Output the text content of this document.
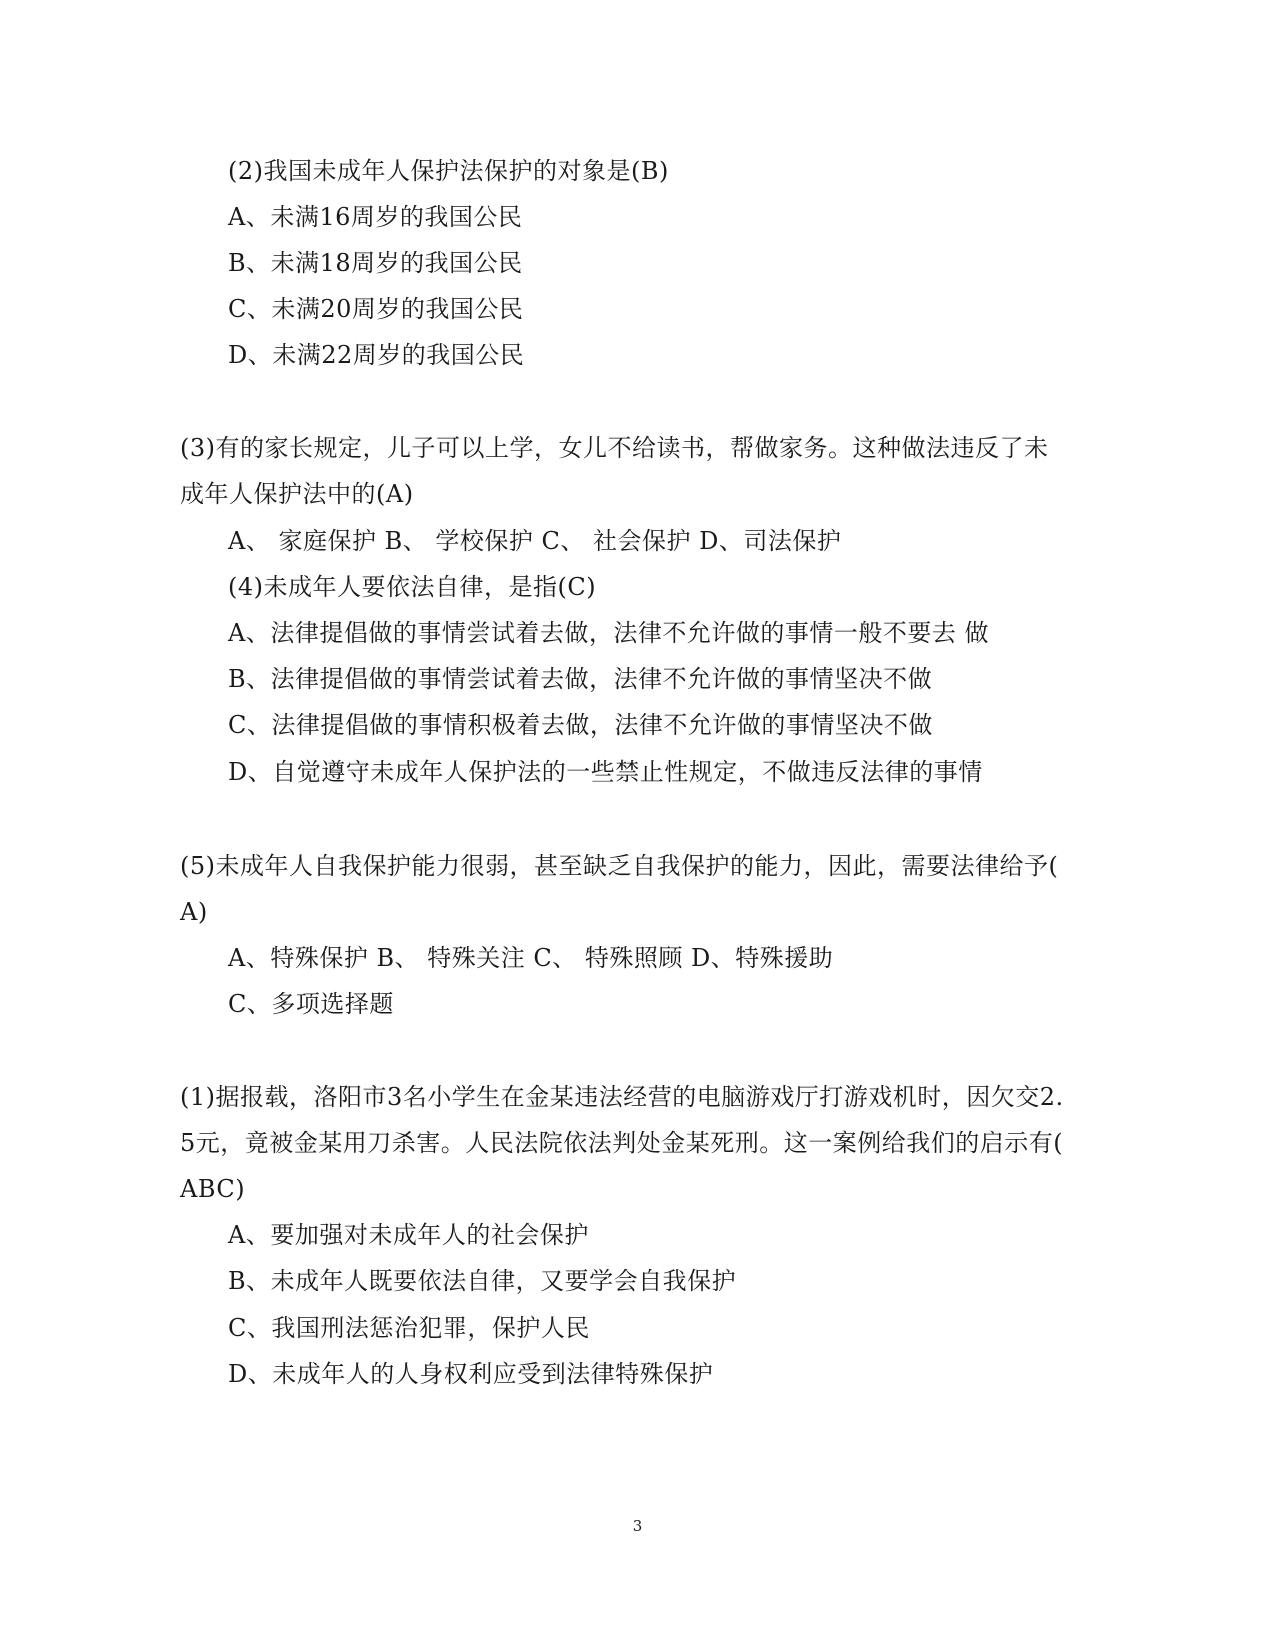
(2)我国未成年人保护法保护的对象是(B)
A、未满16周岁的我国公民
B、未满18周岁的我国公民
C、未满20周岁的我国公民
D、未满22周岁的我国公民
(3)有的家长规定，儿子可以上学，女儿不给读书，帮做家务。这种做法违反了未
成年人保护法中的(A)
A、 家庭保护 B、 学校保护 C、 社会保护 D、司法保护
(4)未成年人要依法自律，是指(C)
A、法律提倡做的事情尝试着去做，法律不允许做的事情一般不要去 做
B、法律提倡做的事情尝试着去做，法律不允许做的事情坚决不做
C、法律提倡做的事情积极着去做，法律不允许做的事情坚决不做
D、自觉遵守未成年人保护法的一些禁止性规定，不做违反法律的事情
(5)未成年人自我保护能力很弱，甚至缺乏自我保护的能力，因此，需要法律给予(
A)
A、特殊保护 B、 特殊关注 C、 特殊照顾 D、特殊援助
C、多项选择题
(1)据报载，洛阳市3名小学生在金某违法经营的电脑游戏厅打游戏机时，因欠交2.
5元，竟被金某用刀杀害。人民法院依法判处金某死刑。这一案例给我们的启示有(
ABC)
A、要加强对未成年人的社会保护
B、未成年人既要依法自律，又要学会自我保护
C、我国刑法惩治犯罪，保护人民
D、未成年人的人身权利应受到法律特殊保护
3
